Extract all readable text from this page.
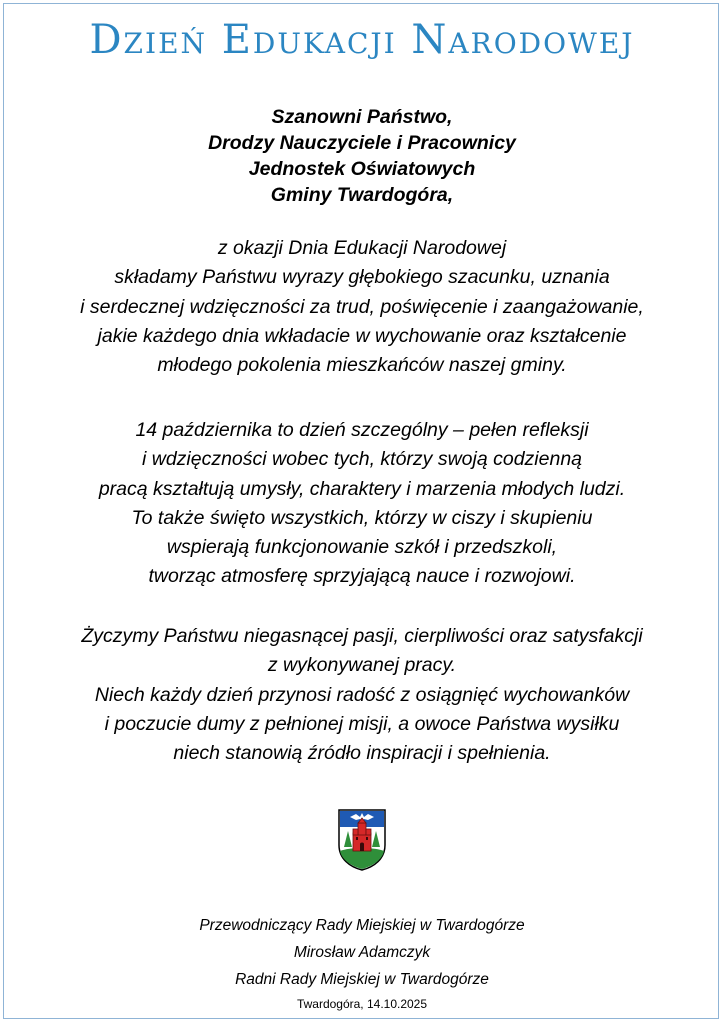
Dzień Edukacji Narodowej
Szanowni Państwo,
Drodzy Nauczyciele i Pracownicy
Jednostek Oświatowych
Gminy Twardogóra,
z okazji Dnia Edukacji Narodowej
składamy Państwu wyrazy głębokiego szacunku, uznania
i serdecznej wdzięczności za trud, poświęcenie i zaangażowanie,
jakie każdego dnia wkładacie w wychowanie oraz kształcenie
młodego pokolenia mieszkańców naszej gminy.
14 października to dzień szczególny – pełen refleksji
i wdzięczności wobec tych, którzy swoją codzienną
pracą kształtują umysły, charaktery i marzenia młodych ludzi.
To także święto wszystkich, którzy w ciszy i skupieniu
wspierają funkcjonowanie szkół i przedszkoli,
tworząc atmosferę sprzyjającą nauce i rozwojowi.
Życzymy Państwu niegasnącej pasji, cierpliwości oraz satysfakcji
z wykonywanej pracy.
Niech każdy dzień przynosi radość z osiągnięć wychowanków
i poczucie dumy z pełnionej misji, a owoce Państwa wysiłku
niech stanowią źródło inspiracji i spełnienia.
Przewodniczący Rady Miejskiej w Twardogórze
Mirosław Adamczyk
Radni Rady Miejskiej w Twardogórze
Twardogóra, 14.10.2025
